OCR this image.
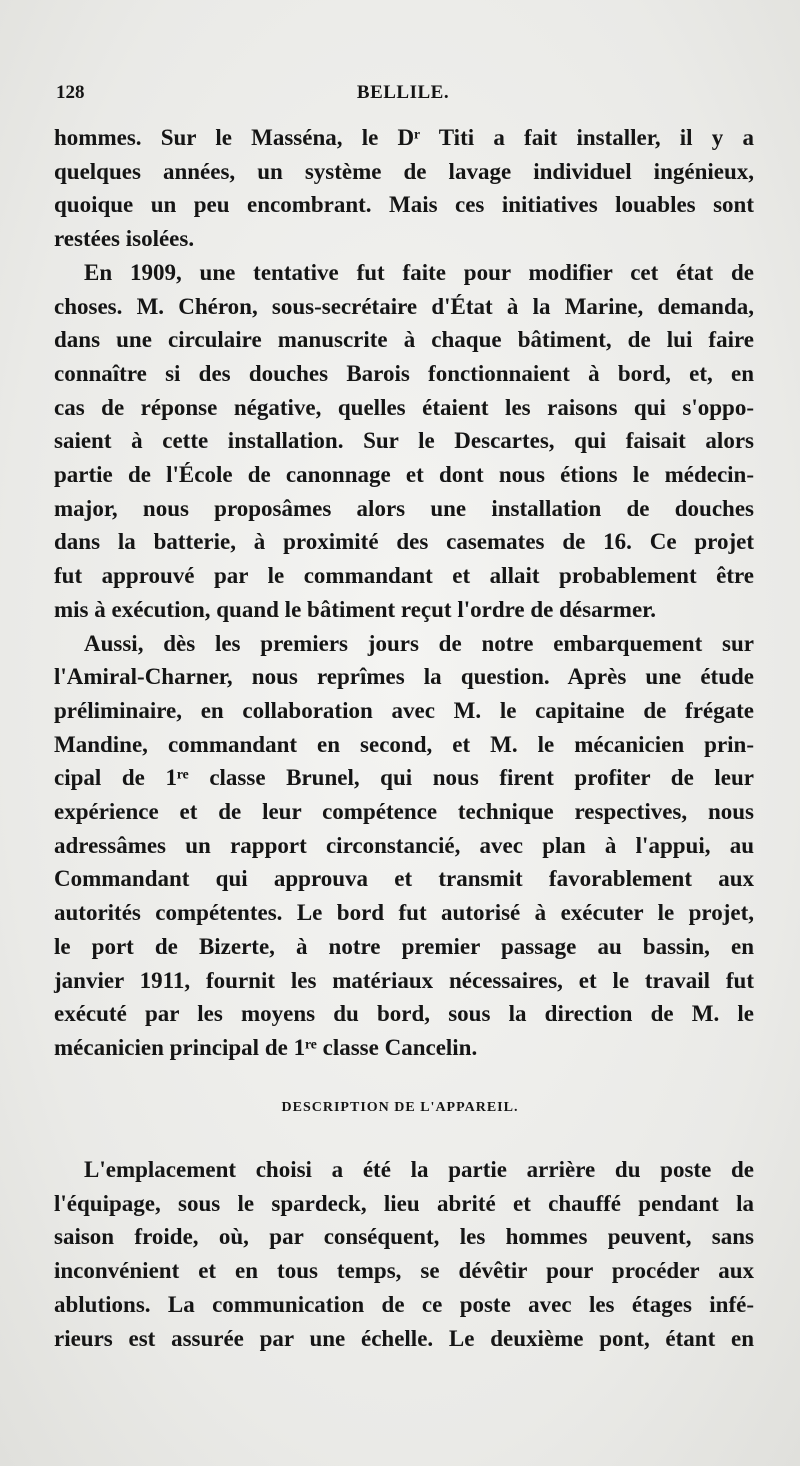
128	BELLILE.
hommes. Sur le Masséna, le Dʳ Titi a fait installer, il y a
quelques années, un système de lavage individuel ingénieux,
quoique un peu encombrant. Mais ces initiatives louables sont
restées isolées.
En 1909, une tentative fut faite pour modifier cet état de
choses. M. Chéron, sous-secrétaire d'État à la Marine, demanda,
dans une circulaire manuscrite à chaque bâtiment, de lui faire
connaître si des douches Barois fonctionnaient à bord, et, en
cas de réponse négative, quelles étaient les raisons qui s'oppo-
saient à cette installation. Sur le Descartes, qui faisait alors
partie de l'École de canonnage et dont nous étions le médecin-
major, nous proposâmes alors une installation de douches
dans la batterie, à proximité des casemates de 16. Ce projet
fut approuvé par le commandant et allait probablement être
mis à exécution, quand le bâtiment reçut l'ordre de désarmer.
Aussi, dès les premiers jours de notre embarquement sur
l'Amiral-Charner, nous reprîmes la question. Après une étude
préliminaire, en collaboration avec M. le capitaine de frégate
Mandine, commandant en second, et M. le mécanicien prin-
cipal de 1ʳᵉ classe Brunel, qui nous firent profiter de leur
expérience et de leur compétence technique respectives, nous
adressâmes un rapport circonstancié, avec plan à l'appui, au
Commandant qui approuva et transmit favorablement aux
autorités compétentes. Le bord fut autorisé à exécuter le projet,
le port de Bizerte, à notre premier passage au bassin, en
janvier 1911, fournit les matériaux nécessaires, et le travail fut
exécuté par les moyens du bord, sous la direction de M. le
mécanicien principal de 1ʳᵉ classe Cancelin.
DESCRIPTION DE L'APPAREIL.
L'emplacement choisi a été la partie arrière du poste de
l'équipage, sous le spardeck, lieu abrité et chauffé pendant la
saison froide, où, par conséquent, les hommes peuvent, sans
inconvénient et en tous temps, se dévêtir pour procéder aux
ablutions. La communication de ce poste avec les étages infé-
rieurs est assurée par une échelle. Le deuxième pont, étant en
